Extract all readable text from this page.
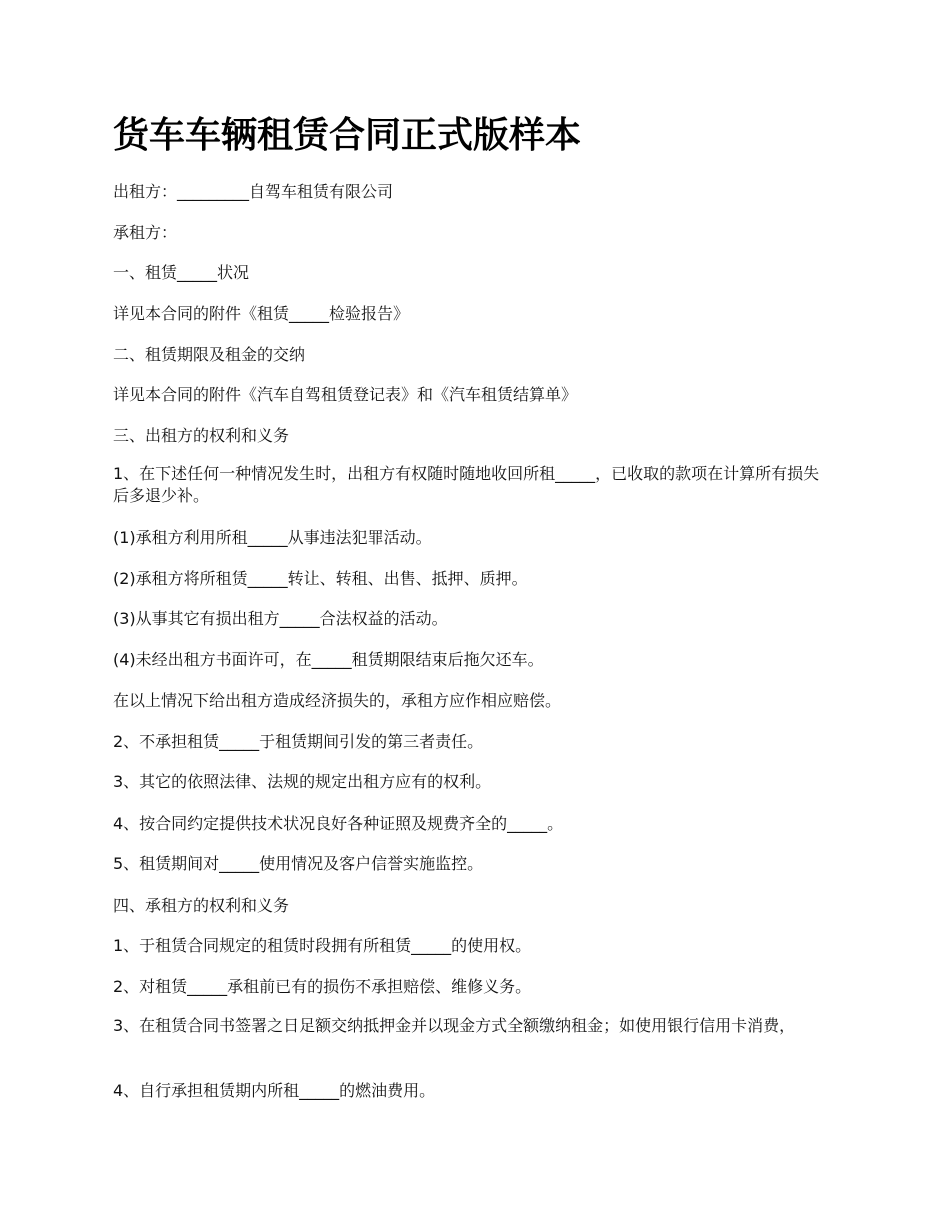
货车车辆租赁合同正式版样本

出租方：_________自驾车租赁有限公司

承租方：

一、租赁_____状况

详见本合同的附件《租赁_____检验报告》

二、租赁期限及租金的交纳

详见本合同的附件《汽车自驾租赁登记表》和《汽车租赁结算单》

三、出租方的权利和义务

1、在下述任何一种情况发生时，出租方有权随时随地收回所租_____，已收取的款项在计算所有损失后多退少补。

(1)承租方利用所租_____从事违法犯罪活动。

(2)承租方将所租赁_____转让、转租、出售、抵押、质押。

(3)从事其它有损出租方_____合法权益的活动。

(4)未经出租方书面许可，在_____租赁期限结束后拖欠还车。

在以上情况下给出租方造成经济损失的，承租方应作相应赔偿。

2、不承担租赁_____于租赁期间引发的第三者责任。

3、其它的依照法律、法规的规定出租方应有的权利。

4、按合同约定提供技术状况良好各种证照及规费齐全的_____。

5、租赁期间对_____使用情况及客户信誉实施监控。

四、承租方的权利和义务

1、于租赁合同规定的租赁时段拥有所租赁_____的使用权。

2、对租赁_____承租前已有的损伤不承担赔偿、维修义务。

3、在租赁合同书签署之日足额交纳抵押金并以现金方式全额缴纳租金；如使用银行信用卡消费，

4、自行承担租赁期内所租_____的燃油费用。
